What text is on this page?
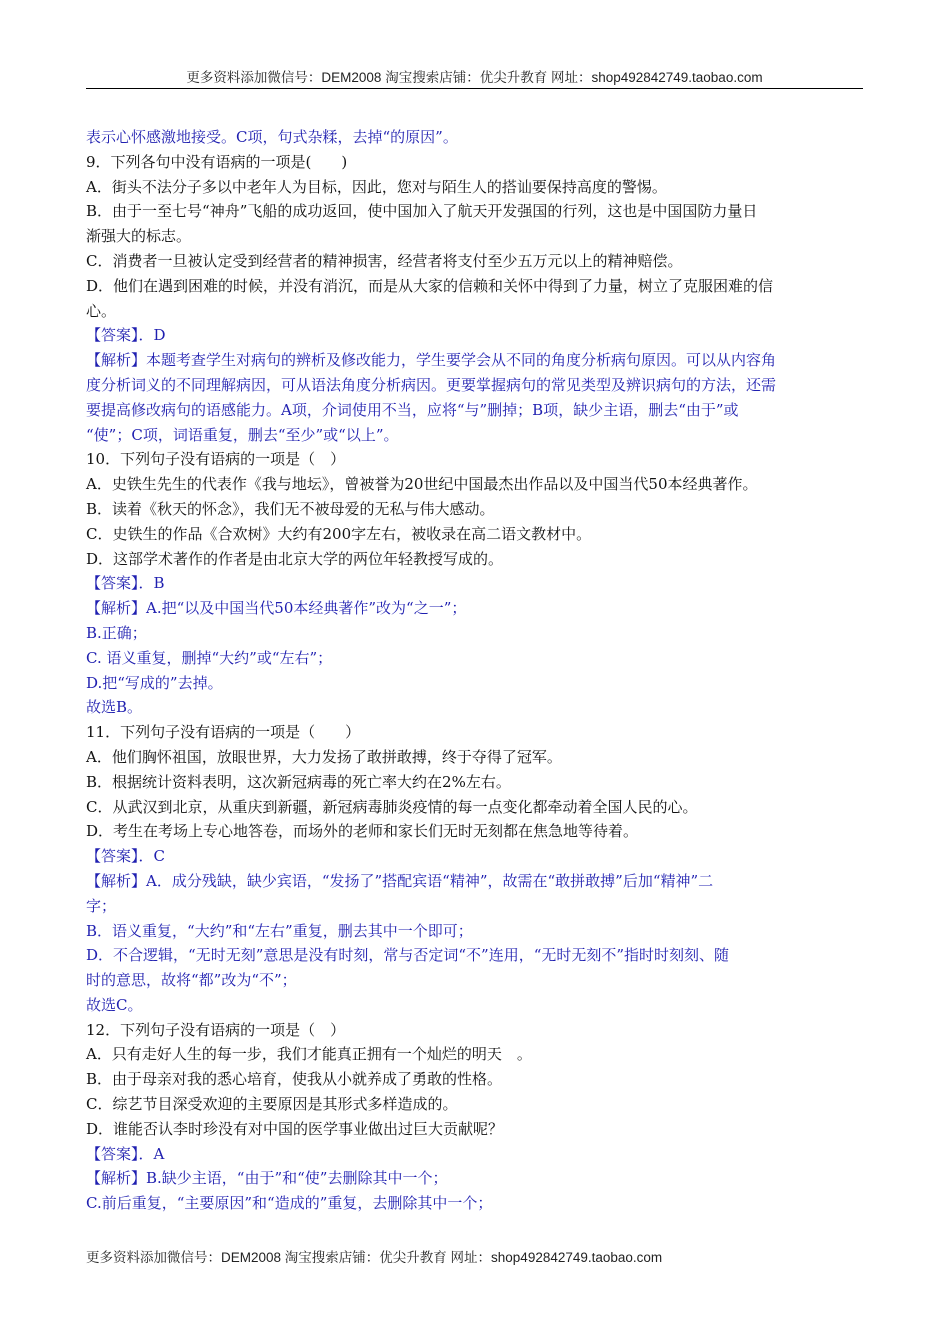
更多资料添加微信号：DEM2008 淘宝搜索店铺：优尖升教育 网址：shop492842749.taobao.com
表示心怀感激地接受。C项，句式杂糅，去掉“的原因”。
9．下列各句中没有语病的一项是(　　)
A．街头不法分子多以中老年人为目标，因此，您对与陌生人的搭讪要保持高度的警惕。
B．由于一至七号“神舟”飞船的成功返回，使中国加入了航天开发强国的行列，这也是中国国防力量日
渐强大的标志。
C．消费者一旦被认定受到经营者的精神损害，经营者将支付至少五万元以上的精神赔偿。
D．他们在遇到困难的时候，并没有消沉，而是从大家的信赖和关怀中得到了力量，树立了克服困难的信
心。
【答案】．D
【解析】本题考查学生对病句的辨析及修改能力，学生要学会从不同的角度分析病句原因。可以从内容角
度分析词义的不同理解病因，可从语法角度分析病因。更要掌握病句的常见类型及辨识病句的方法，还需
要提高修改病句的语感能力。A项，介词使用不当，应将“与”删掉；B项，缺少主语，删去“由于”或
“使”；C项，词语重复，删去“至少”或“以上”。
10．下列句子没有语病的一项是（　）
A．史铁生先生的代表作《我与地坛》，曾被誉为20世纪中国最杰出作品以及中国当代50本经典著作。
B．读着《秋天的怀念》，我们无不被母爱的无私与伟大感动。
C．史铁生的作品《合欢树》大约有200字左右，被收录在高二语文教材中。
D．这部学术著作的作者是由北京大学的两位年轻教授写成的。
【答案】．B
【解析】A.把“以及中国当代50本经典著作”改为“之一”；
B.正确；
C. 语义重复，删掉“大约”或“左右”；
D.把“写成的”去掉。
故选B。
11．下列句子没有语病的一项是（　　）
A．他们胸怀祖国，放眼世界，大力发扬了敢拼敢搏，终于夺得了冠军。
B．根据统计资料表明，这次新冠病毒的死亡率大约在2%左右。
C．从武汉到北京，从重庆到新疆，新冠病毒肺炎疫情的每一点变化都牵动着全国人民的心。
D．考生在考场上专心地答卷，而场外的老师和家长们无时无刻都在焦急地等待着。
【答案】．C
【解析】A．成分残缺，缺少宾语，“发扬了”搭配宾语“精神”，故需在“敢拼敢搏”后加“精神”二
字；
B．语义重复，“大约”和“左右”重复，删去其中一个即可；
D．不合逻辑，“无时无刻”意思是没有时刻，常与否定词“不”连用，“无时无刻不”指时时刻刻、随
时的意思，故将“都”改为“不”；
故选C。
12．下列句子没有语病的一项是（　）
A．只有走好人生的每一步，我们才能真正拥有一个灿烂的明天　。
B．由于母亲对我的悉心培育，使我从小就养成了勇敢的性格。
C．综艺节目深受欢迎的主要原因是其形式多样造成的。
D．谁能否认李时珍没有对中国的医学事业做出过巨大贡献呢？
【答案】．A
【解析】B.缺少主语，“由于”和“使”去删除其中一个；
C.前后重复，“主要原因”和“造成的”重复，去删除其中一个；
更多资料添加微信号：DEM2008 淘宝搜索店铺：优尖升教育 网址：shop492842749.taobao.com
